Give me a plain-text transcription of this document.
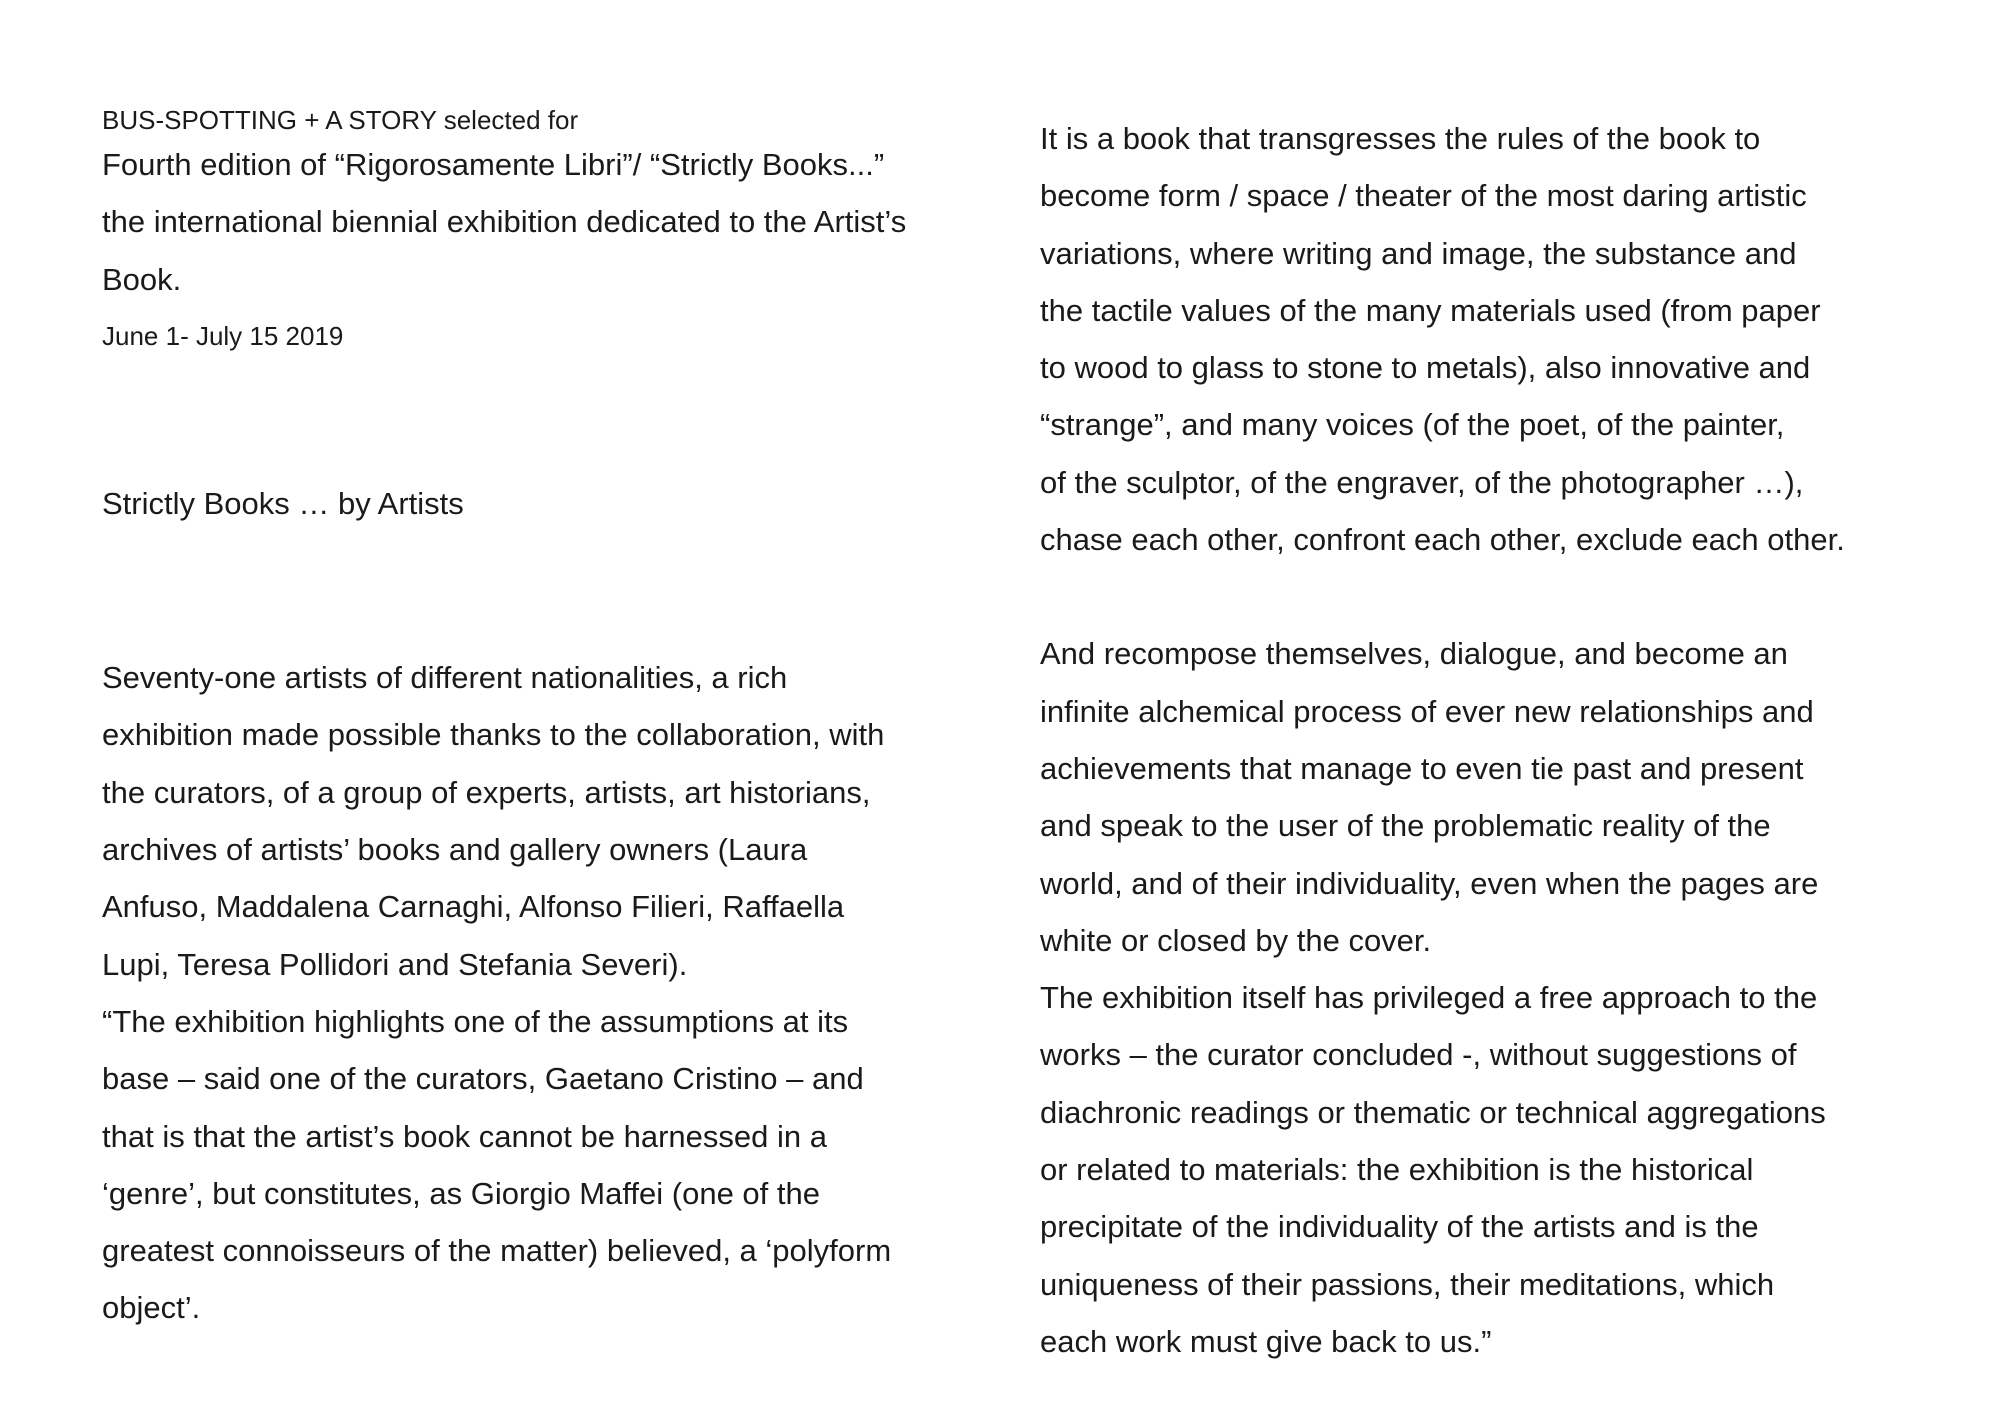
BUS-SPOTTING + A STORY selected for

Fourth edition of “Rigorosamente Libri”/ “Strictly Books...”
the international biennial exhibition dedicated to the Artist’s
Book.

June 1- July 15 2019

Strictly Books … by Artists

Seventy-one artists of different nationalities, a rich
exhibition made possible thanks to the collaboration, with
the curators, of a group of experts, artists, art historians,
archives of artists’ books and gallery owners (Laura
Anfuso, Maddalena Carnaghi, Alfonso Filieri, Raffaella
Lupi, Teresa Pollidori and Stefania Severi).

“The exhibition highlights one of the assumptions at its
base – said one of the curators, Gaetano Cristino – and
that is that the artist’s book cannot be harnessed in a
‘genre’, but constitutes, as Giorgio Maffei (one of the
greatest connoisseurs of the matter) believed, a ‘polyform
object’.

It is a book that transgresses the rules of the book to
become form / space / theater of the most daring artistic
variations, where writing and image, the substance and
the tactile values of the many materials used (from paper
to wood to glass to stone to metals), also innovative and
“strange”, and many voices (of the poet, of the painter,
of the sculptor, of the engraver, of the photographer …),
chase each other, confront each other, exclude each other.

And recompose themselves, dialogue, and become an
infinite alchemical process of ever new relationships and
achievements that manage to even tie past and present
and speak to the user of the problematic reality of the
world, and of their individuality, even when the pages are
white or closed by the cover.

The exhibition itself has privileged a free approach to the
works – the curator concluded -, without suggestions of
diachronic readings or thematic or technical aggregations
or related to materials: the exhibition is the historical
precipitate of the individuality of the artists and is the
uniqueness of their passions, their meditations, which
each work must give back to us.”
